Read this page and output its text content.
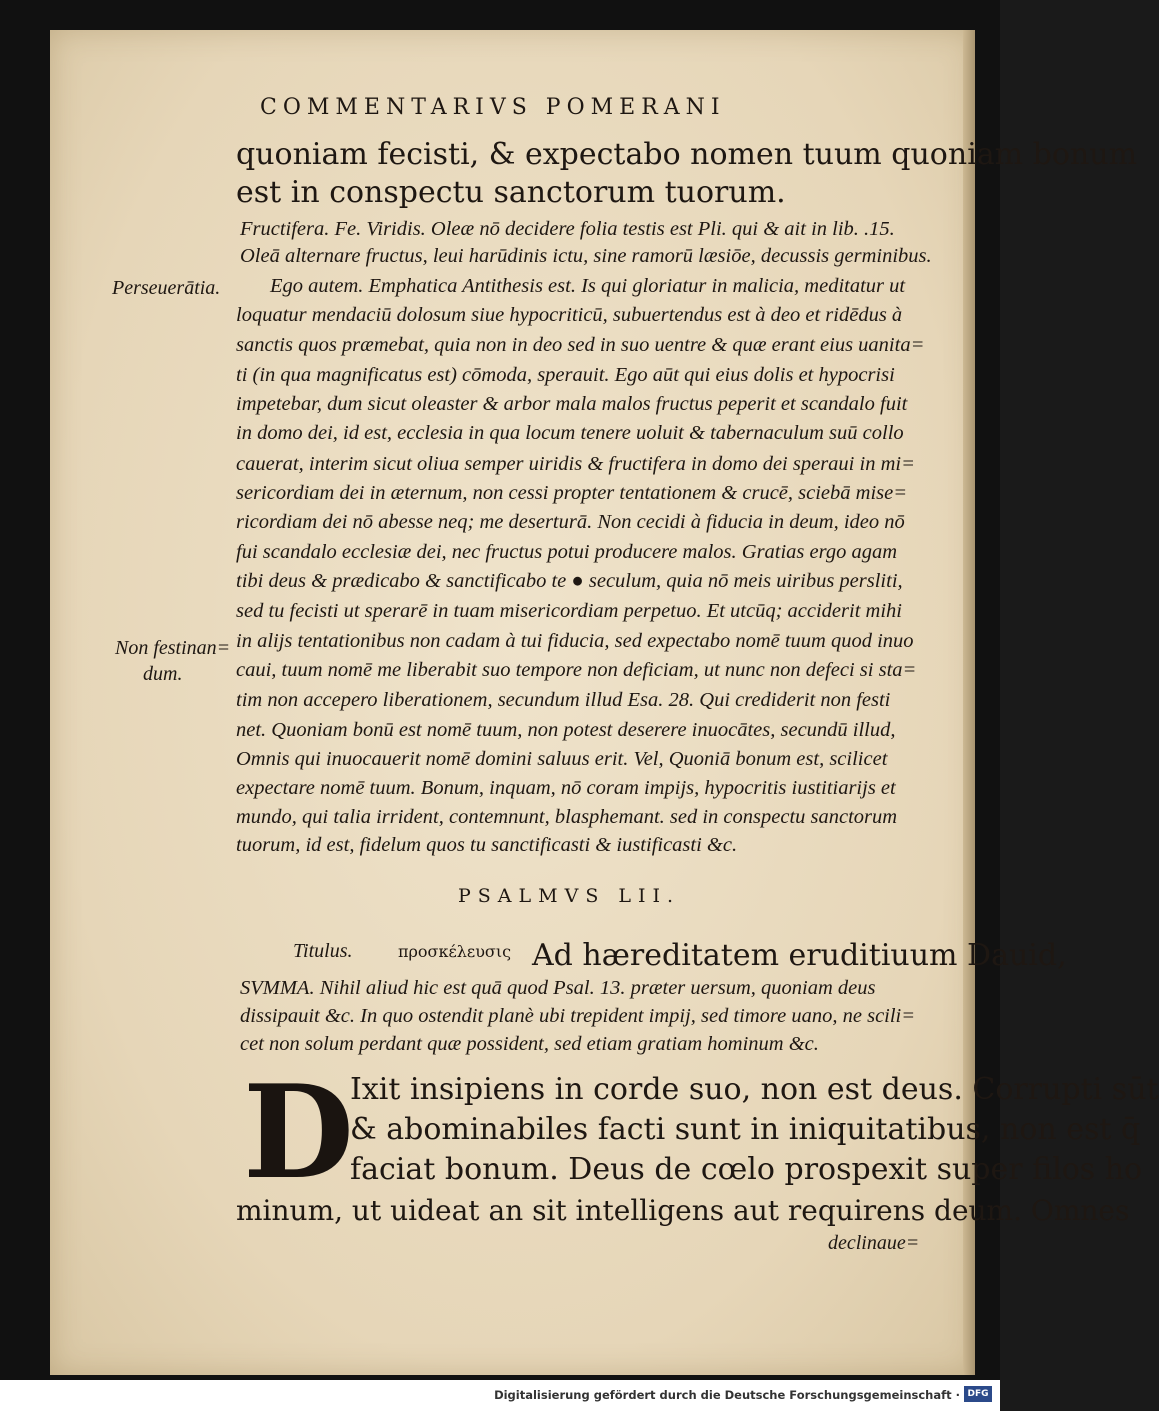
COMMENTARIVS POMERANI
quoniam fecisti, & expectabo nomen tuum quoniam bonum
est in conspectu sanctorum tuorum.
Fructifera. Fe. Viridis. Oleæ nō decidere folia testis est Pli. qui & ait in lib. .15.
Oleā alternare fructus, leui harūdinis ictu, sine ramorū læsiōe, decussis germinibus.
Ego autem. Emphatica Antithesis est. Is qui gloriatur in malicia, meditatur ut
loquatur mendaciū dolosum siue hypocriticū, subuertendus est à deo et ridēdus à
sanctis quos præmebat, quia non in deo sed in suo uentre & quæ erant eius uanita=
ti (in qua magnificatus est) cōmoda, sperauit. Ego aūt qui eius dolis et hypocrisi
impetebar, dum sicut oleaster & arbor mala malos fructus peperit et scandalo fuit
in domo dei, id est, ecclesia in qua locum tenere uoluit & tabernaculum suū collo
cauerat, interim sicut oliua semper uiridis & fructifera in domo dei speraui in mi=
sericordiam dei in æternum, non cessi propter tentationem & crucē, sciebā mise=
ricordiam dei nō abesse neq; me deserturā. Non cecidi à fiducia in deum, ideo nō
fui scandalo ecclesiæ dei, nec fructus potui producere malos. Gratias ergo agam
tibi deus & prædicabo & sanctificabo te ● seculum, quia nō meis uiribus persliti,
sed tu fecisti ut sperarē in tuam misericordiam perpetuo. Et utcūq; acciderit mihi
in alijs tentationibus non cadam à tui fiducia, sed expectabo nomē tuum quod inuo
caui, tuum nomē me liberabit suo tempore non deficiam, ut nunc non defeci si sta=
tim non accepero liberationem, secundum illud Esa. 28. Qui crediderit non festi
net. Quoniam bonū est nomē tuum, non potest deserere inuocātes, secundū illud,
Omnis qui inuocauerit nomē domini saluus erit. Vel, Quoniā bonum est, scilicet
expectare nomē tuum. Bonum, inquam, nō coram impijs, hypocritis iustitiarijs et
mundo, qui talia irrident, contemnunt, blasphemant. sed in conspectu sanctorum
tuorum, id est, fidelum quos tu sanctificasti & iustificasti &c.
Perseuerātia.
Non festinan=
dum.
PSALMVS LII.
Titulus.	προσκέλευσις Ad hæreditatem eruditiuum Dauid,
SVMMA. Nihil aliud hic est quā quod Psal. 13. præter uersum, quoniam deus
dissipauit &c. In quo ostendit planè ubi trepident impij, sed timore uano, ne scili=
cet non solum perdant quæ possident, sed etiam gratiam hominum &c.
D
Ixit insipiens in corde suo, non est deus. Corrupti sūt
& abominabiles facti sunt in iniquitatibus, non est q̄
faciat bonum. Deus de cœlo prospexit super filos ho
minum, ut uideat an sit intelligens aut requirens deum. Omnes
declinaue=
Digitalisierung gefördert durch die Deutsche Forschungsgemeinschaft · DFG
